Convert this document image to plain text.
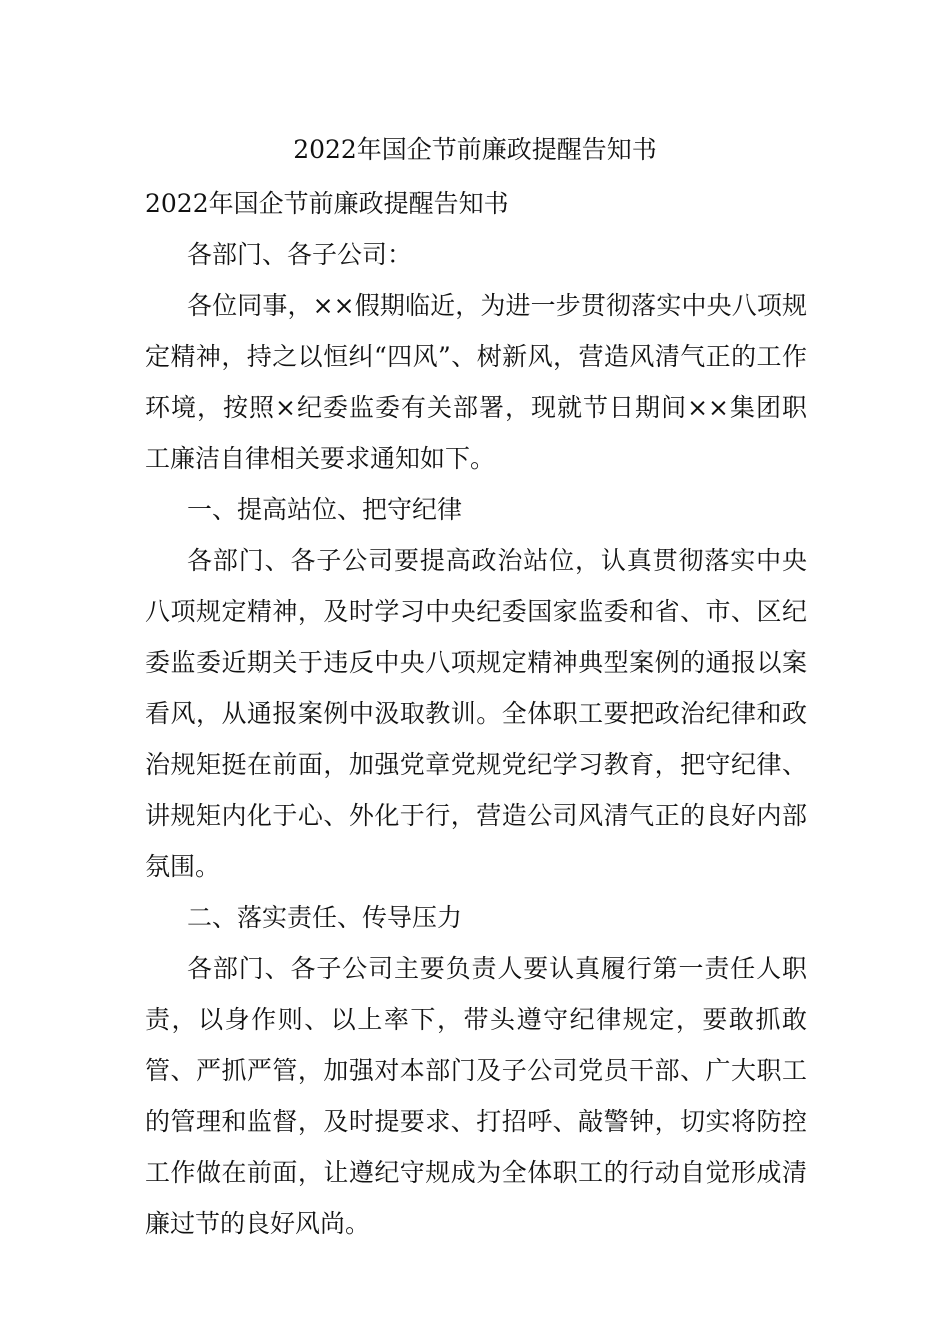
2022年国企节前廉政提醒告知书

2022年国企节前廉政提醒告知书

各部门、各子公司：

各位同事，××假期临近，为进一步贯彻落实中央八项规定精神，持之以恒纠“四风”、树新风，营造风清气正的工作环境，按照×纪委监委有关部署，现就节日期间××集团职工廉洁自律相关要求通知如下。

一、提高站位、把守纪律

各部门、各子公司要提高政治站位，认真贯彻落实中央八项规定精神，及时学习中央纪委国家监委和省、市、区纪委监委近期关于违反中央八项规定精神典型案例的通报以案看风，从通报案例中汲取教训。全体职工要把政治纪律和政治规矩挺在前面，加强党章党规党纪学习教育，把守纪律、讲规矩内化于心、外化于行，营造公司风清气正的良好内部氛围。

二、落实责任、传导压力

各部门、各子公司主要负责人要认真履行第一责任人职责，以身作则、以上率下，带头遵守纪律规定，要敢抓敢管、严抓严管，加强对本部门及子公司党员干部、广大职工的管理和监督，及时提要求、打招呼、敲警钟，切实将防控工作做在前面，让遵纪守规成为全体职工的行动自觉形成清廉过节的良好风尚。
